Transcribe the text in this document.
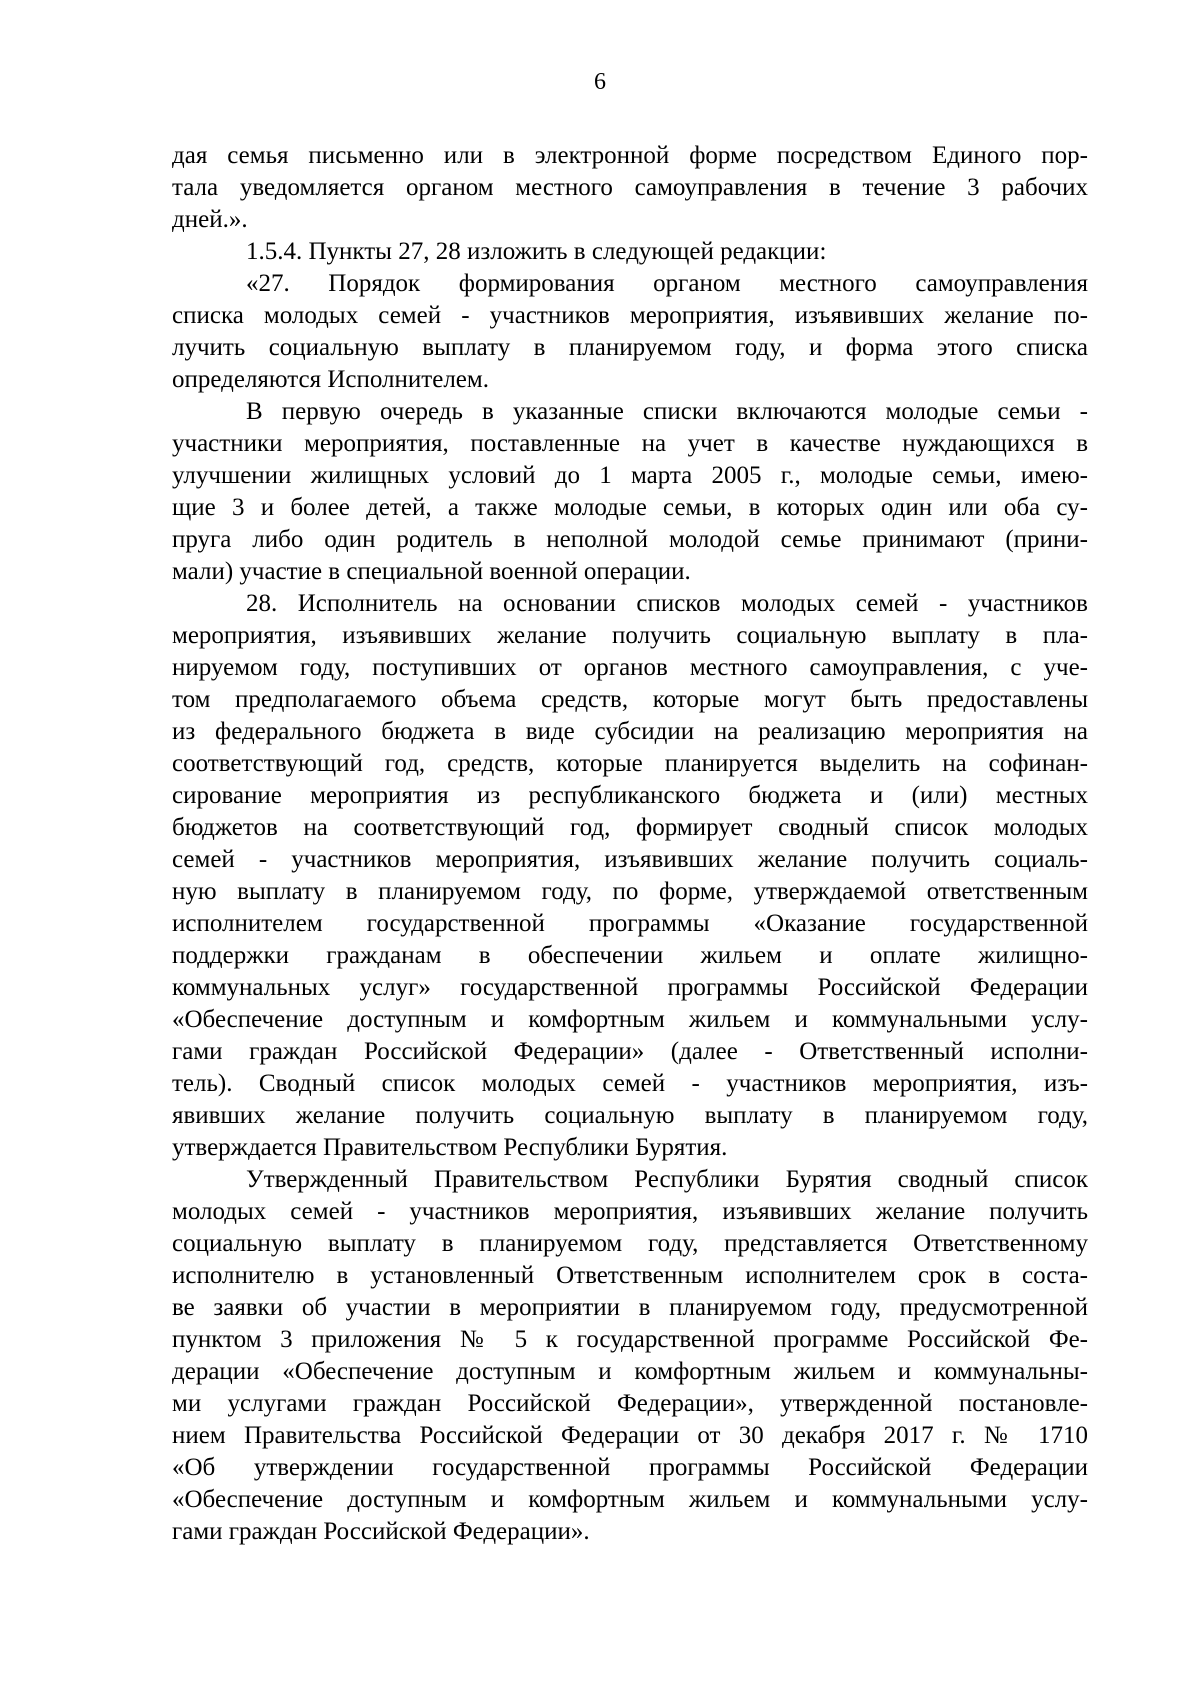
6
дая семья письменно или в электронной форме посредством Единого пор-
тала уведомляется органом местного самоуправления в течение 3 рабочих
дней.».
1.5.4. Пункты 27, 28 изложить в следующей редакции:
«27. Порядок формирования органом местного самоуправления
списка молодых семей - участников мероприятия, изъявивших желание по-
лучить социальную выплату в планируемом году, и форма этого списка
определяются Исполнителем.
В первую очередь в указанные списки включаются молодые семьи -
участники мероприятия, поставленные на учет в качестве нуждающихся в
улучшении жилищных условий до 1 марта 2005 г., молодые семьи, имею-
щие 3 и более детей, а также молодые семьи, в которых один или оба су-
пруга либо один родитель в неполной молодой семье принимают (прини-
мали) участие в специальной военной операции.
28. Исполнитель на основании списков молодых семей - участников
мероприятия, изъявивших желание получить социальную выплату в пла-
нируемом году, поступивших от органов местного самоуправления, с уче-
том предполагаемого объема средств, которые могут быть предоставлены
из федерального бюджета в виде субсидии на реализацию мероприятия на
соответствующий год, средств, которые планируется выделить на софинан-
сирование мероприятия из республиканского бюджета и (или) местных
бюджетов на соответствующий год, формирует сводный список молодых
семей - участников мероприятия, изъявивших желание получить социаль-
ную выплату в планируемом году, по форме, утверждаемой ответственным
исполнителем государственной программы «Оказание государственной
поддержки гражданам в обеспечении жильем и оплате жилищно-
коммунальных услуг» государственной программы Российской Федерации
«Обеспечение доступным и комфортным жильем и коммунальными услу-
гами граждан Российской Федерации» (далее - Ответственный исполни-
тель). Сводный список молодых семей - участников мероприятия, изъ-
явивших желание получить социальную выплату в планируемом году,
утверждается Правительством Республики Бурятия.
Утвержденный Правительством Республики Бурятия сводный список
молодых семей - участников мероприятия, изъявивших желание получить
социальную выплату в планируемом году, представляется Ответственному
исполнителю в установленный Ответственным исполнителем срок в соста-
ве заявки об участии в мероприятии в планируемом году, предусмотренной
пунктом 3 приложения № 5 к государственной программе Российской Фе-
дерации «Обеспечение доступным и комфортным жильем и коммунальны-
ми услугами граждан Российской Федерации», утвержденной постановле-
нием Правительства Российской Федерации от 30 декабря 2017 г. № 1710
«Об утверждении государственной программы Российской Федерации
«Обеспечение доступным и комфортным жильем и коммунальными услу-
гами граждан Российской Федерации».
